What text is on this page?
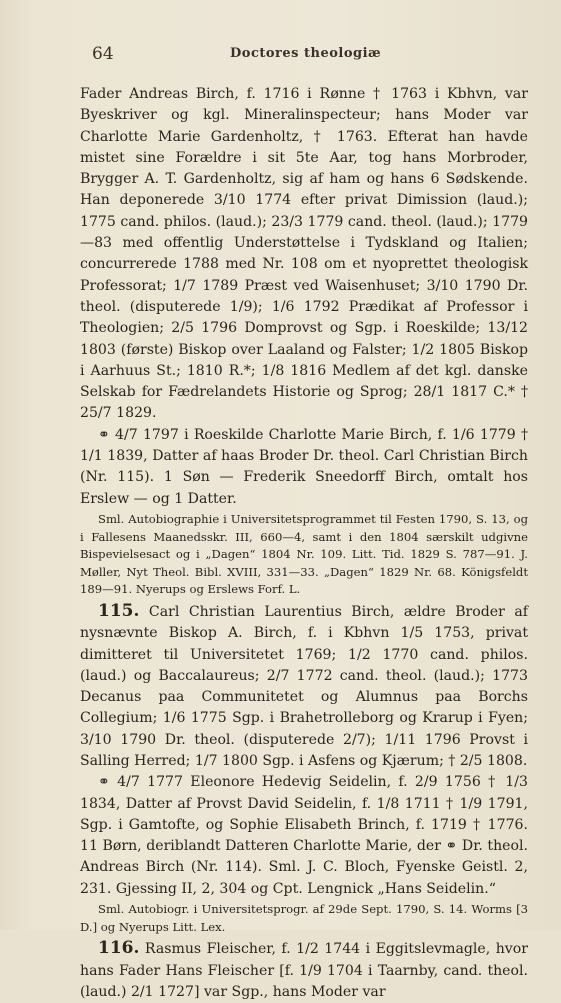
64	Doctores theologiæ

Fader Andreas Birch, f. 1716 i Rønne † 1763 i Kbhvn, var Byeskriver og kgl. Mineralinspecteur; hans Moder var Charlotte Marie Gardenholtz, † 1763. Efterat han havde mistet sine Forældre i sit 5te Aar, tog hans Morbroder, Brygger A. T. Gardenholtz, sig af ham og hans 6 Sødskende. Han deponerede 3/10 1774 efter privat Dimission (laud.); 1775 cand. philos. (laud.); 23/3 1779 cand. theol. (laud.); 1779—83 med offentlig Understøttelse i Tydskland og Italien; concurrerede 1788 med Nr. 108 om et nyoprettet theologisk Professorat; 1/7 1789 Præst ved Waisenhuset; 3/10 1790 Dr. theol. (disputerede 1/9); 1/6 1792 Prædikat af Professor i Theologien; 2/5 1796 Domprovst og Sgp. i Roeskilde; 13/12 1803 (første) Biskop over Laaland og Falster; 1/2 1805 Biskop i Aarhuus St.; 1810 R.*; 1/8 1816 Medlem af det kgl. danske Selskab for Fædrelandets Historie og Sprog; 28/1 1817 C.* † 25/7 1829.

⚭ 4/7 1797 i Roeskilde Charlotte Marie Birch, f. 1/6 1779 † 1/1 1839, Datter af haas Broder Dr. theol. Carl Christian Birch (Nr. 115). 1 Søn — Frederik Sneedorff Birch, omtalt hos Erslew — og 1 Datter.

Sml. Autobiographie i Universitetsprogrammet til Festen 1790, S. 13, og i Fallesens Maanedsskr. III, 660—4, samt i den 1804 særskilt udgivne Bispevielsesact og i „Dagen“ 1804 Nr. 109. Litt. Tid. 1829 S. 787—91. J. Møller, Nyt Theol. Bibl. XVIII, 331—33. „Dagen“ 1829 Nr. 68. Königsfeldt 189—91. Nyerups og Erslews Forf. L.

115. Carl Christian Laurentius Birch, ældre Broder af nysnævnte Biskop A. Birch, f. i Kbhvn 1/5 1753, privat dimitteret til Universitetet 1769; 1/2 1770 cand. philos. (laud.) og Baccalaureus; 2/7 1772 cand. theol. (laud.); 1773 Decanus paa Communitetet og Alumnus paa Borchs Collegium; 1/6 1775 Sgp. i Brahetrolleborg og Krarup i Fyen; 3/10 1790 Dr. theol. (disputerede 2/7); 1/11 1796 Provst i Salling Herred; 1/7 1800 Sgp. i Asfens og Kjærum; † 2/5 1808.

⚭ 4/7 1777 Eleonore Hedevig Seidelin, f. 2/9 1756 † 1/3 1834, Datter af Provst David Seidelin, f. 1/8 1711 † 1/9 1791, Sgp. i Gamtofte, og Sophie Elisabeth Brinch, f. 1719 † 1776. 11 Børn, deriblandt Datteren Charlotte Marie, der ⚭ Dr. theol. Andreas Birch (Nr. 114). Sml. J. C. Bloch, Fyenske Geistl. 2, 231. Gjessing II, 2, 304 og Cpt. Lengnick „Hans Seidelin.“

Sml. Autobiogr. i Universitetsprogr. af 29de Sept. 1790, S. 14. Worms [3 D.] og Nyerups Litt. Lex.

116. Rasmus Fleischer, f. 1/2 1744 i Eggitslevmagle, hvor hans Fader Hans Fleischer [f. 1/9 1704 i Taarnby, cand. theol. (laud.) 2/1 1727] var Sgp., hans Moder var
